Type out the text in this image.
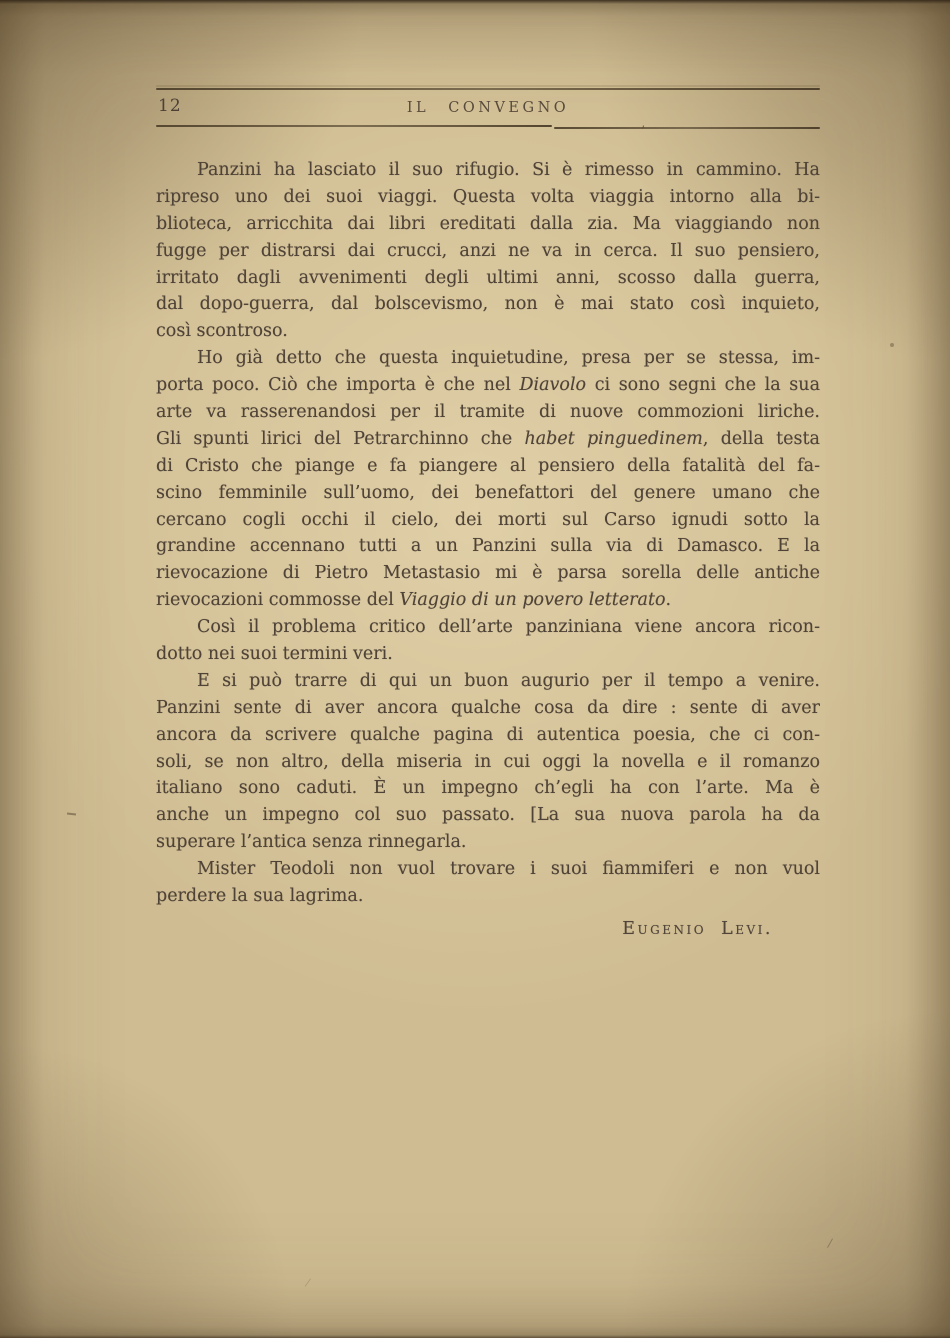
12	IL CONVEGNO
Panzini ha lasciato il suo rifugio. Si è rimesso in cammino. Ha
ripreso uno dei suoi viaggi. Questa volta viaggia intorno alla bi-
blioteca, arricchita dai libri ereditati dalla zia. Ma viaggiando non
fugge per distrarsi dai crucci, anzi ne va in cerca. Il suo pensiero,
irritato dagli avvenimenti degli ultimi anni, scosso dalla guerra,
dal dopo-guerra, dal bolscevismo, non è mai stato così inquieto,
così scontroso.
Ho già detto che questa inquietudine, presa per se stessa, im-
porta poco. Ciò che importa è che nel Diavolo ci sono segni che la sua
arte va rasserenandosi per il tramite di nuove commozioni liriche.
Gli spunti lirici del Petrarchinno che habet pinguedinem, della testa
di Cristo che piange e fa piangere al pensiero della fatalità del fa-
scino femminile sull’uomo, dei benefattori del genere umano che
cercano cogli occhi il cielo, dei morti sul Carso ignudi sotto la
grandine accennano tutti a un Panzini sulla via di Damasco. E la
rievocazione di Pietro Metastasio mi è parsa sorella delle antiche
rievocazioni commosse del Viaggio di un povero letterato.
Così il problema critico dell’arte panziniana viene ancora ricon-
dotto nei suoi termini veri.
E si può trarre di qui un buon augurio per il tempo a venire.
Panzini sente di aver ancora qualche cosa da dire : sente di aver
ancora da scrivere qualche pagina di autentica poesia, che ci con-
soli, se non altro, della miseria in cui oggi la novella e il romanzo
italiano sono caduti. È un impegno ch’egli ha con l’arte. Ma è
anche un impegno col suo passato. [La sua nuova parola ha da
superare l’antica senza rinnegarla.
Mister Teodoli non vuol trovare i suoi fiammiferi e non vuol
perdere la sua lagrima.
Eugenio Levi.
’
/
/
